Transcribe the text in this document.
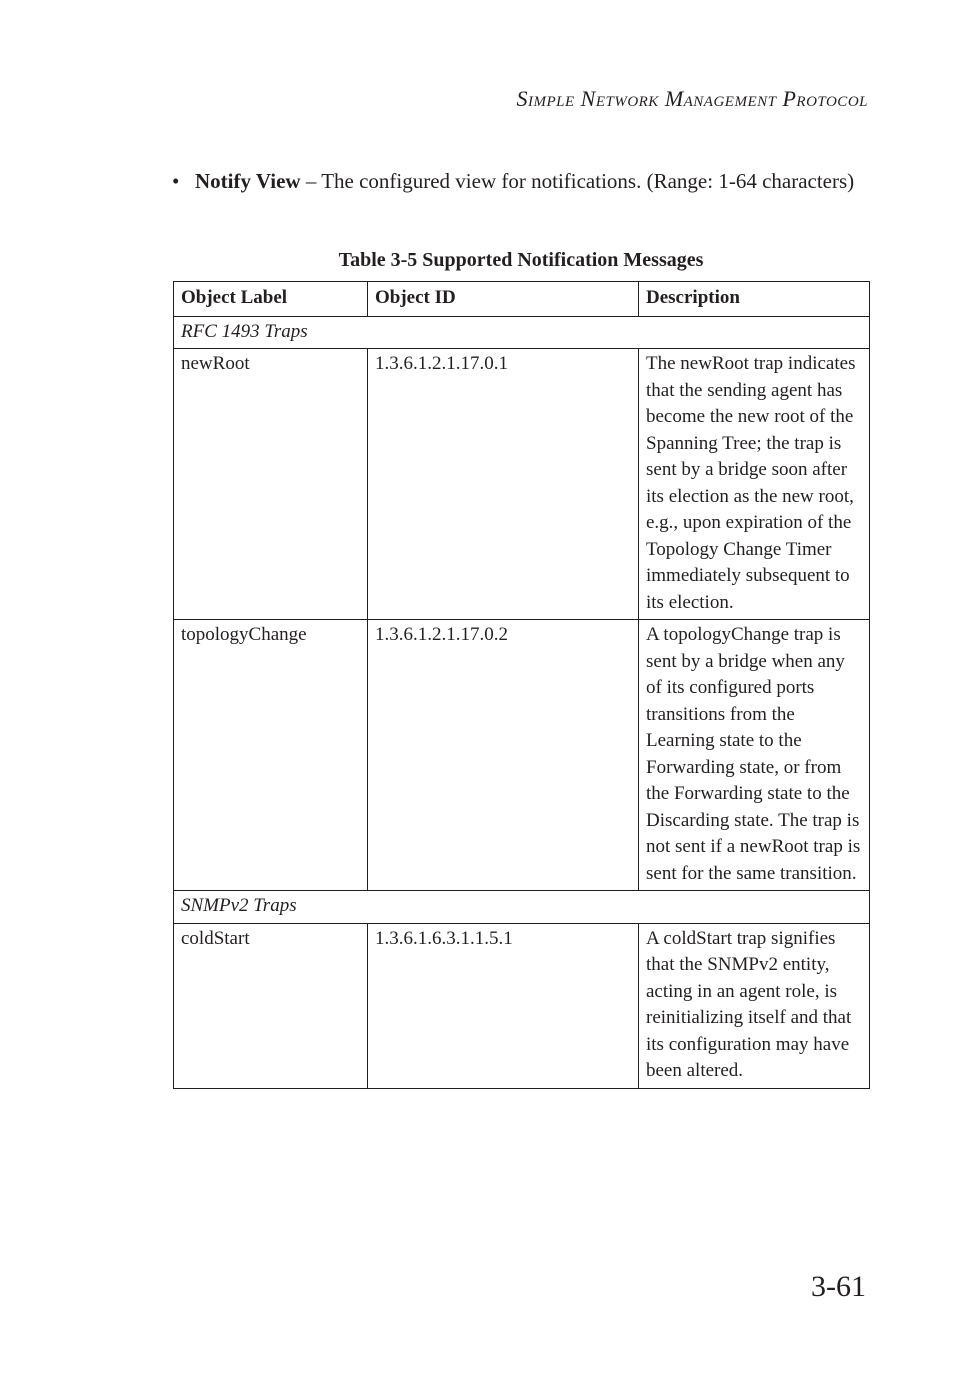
Simple Network Management Protocol
• Notify View – The configured view for notifications. (Range: 1-64 characters)
Table 3-5 Supported Notification Messages
Object Label	Object ID	Description
RFC 1493 Traps		
newRoot	1.3.6.1.2.1.17.0.1	The newRoot trap indicates that the sending agent has become the new root of the Spanning Tree; the trap is sent by a bridge soon after its election as the new root, e.g., upon expiration of the Topology Change Timer immediately subsequent to its election.
topologyChange	1.3.6.1.2.1.17.0.2	A topologyChange trap is sent by a bridge when any of its configured ports transitions from the Learning state to the Forwarding state, or from the Forwarding state to the Discarding state. The trap is not sent if a newRoot trap is sent for the same transition.
SNMPv2 Traps		
coldStart	1.3.6.1.6.3.1.1.5.1	A coldStart trap signifies that the SNMPv2 entity, acting in an agent role, is reinitializing itself and that its configuration may have been altered.
3-61
